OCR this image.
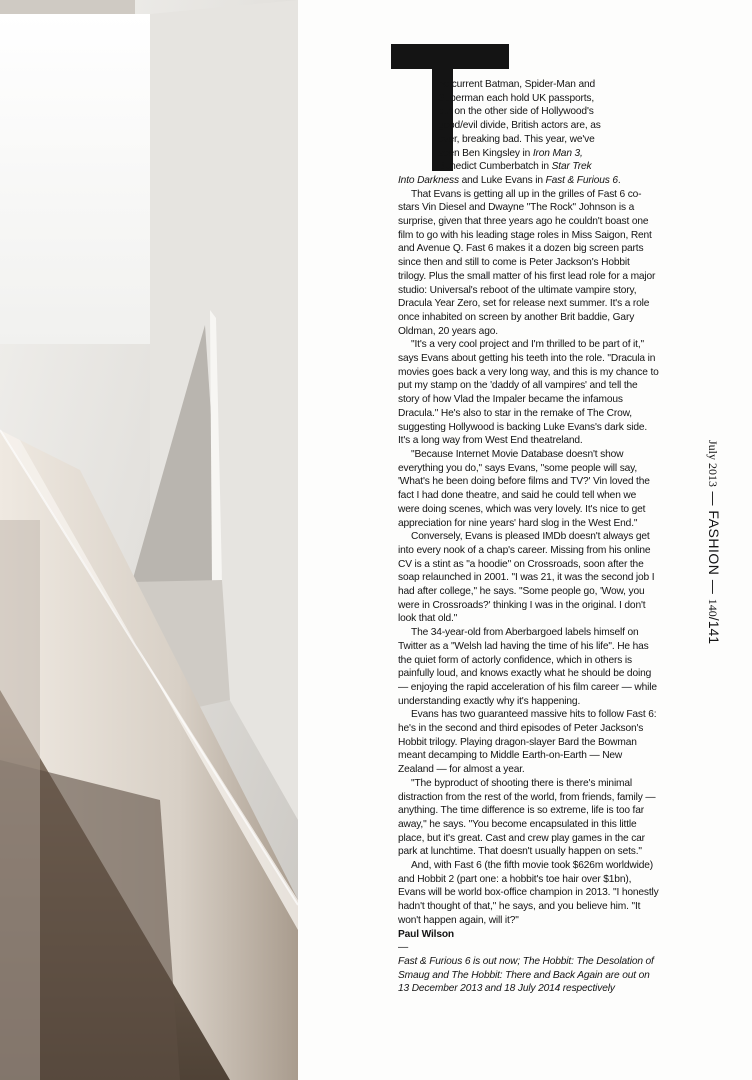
he current Batman, Spider-Man and
Superman each hold UK passports,
but on the other side of Hollywood's
good/evil divide, British actors are, as
ever, breaking bad. This year, we've
seen Ben Kingsley in Iron Man 3,
Benedict Cumberbatch in Star Trek
Into Darkness and Luke Evans in Fast & Furious 6.

That Evans is getting all up in the grilles of Fast 6 co-stars Vin Diesel and Dwayne "The Rock" Johnson is a surprise, given that three years ago he couldn't boast one film to go with his leading stage roles in Miss Saigon, Rent and Avenue Q. Fast 6 makes it a dozen big screen parts since then and still to come is Peter Jackson's Hobbit trilogy. Plus the small matter of his first lead role for a major studio: Universal's reboot of the ultimate vampire story, Dracula Year Zero, set for release next summer. It's a role once inhabited on screen by another Brit baddie, Gary Oldman, 20 years ago.

"It's a very cool project and I'm thrilled to be part of it," says Evans about getting his teeth into the role. "Dracula in movies goes back a very long way, and this is my chance to put my stamp on the 'daddy of all vampires' and tell the story of how Vlad the Impaler became the infamous Dracula." He's also to star in the remake of The Crow, suggesting Hollywood is backing Luke Evans's dark side. It's a long way from West End theatreland.

"Because Internet Movie Database doesn't show everything you do," says Evans, "some people will say, 'What's he been doing before films and TV?' Vin loved the fact I had done theatre, and said he could tell when we were doing scenes, which was very lovely. It's nice to get appreciation for nine years' hard slog in the West End."

Conversely, Evans is pleased IMDb doesn't always get into every nook of a chap's career. Missing from his online CV is a stint as "a hoodie" on Crossroads, soon after the soap relaunched in 2001. "I was 21, it was the second job I had after college," he says. "Some people go, 'Wow, you were in Crossroads?' thinking I was in the original. I don't look that old."

The 34-year-old from Aberbargoed labels himself on Twitter as a "Welsh lad having the time of his life". He has the quiet form of actorly confidence, which in others is painfully loud, and knows exactly what he should be doing — enjoying the rapid acceleration of his film career — while understanding exactly why it's happening.

Evans has two guaranteed massive hits to follow Fast 6: he's in the second and third episodes of Peter Jackson's Hobbit trilogy. Playing dragon-slayer Bard the Bowman meant decamping to Middle Earth-on-Earth — New Zealand — for almost a year.

"The byproduct of shooting there is there's minimal distraction from the rest of the world, from friends, family — anything. The time difference is so extreme, life is too far away," he says. "You become encapsulated in this little place, but it's great. Cast and crew play games in the car park at lunchtime. That doesn't usually happen on sets."

And, with Fast 6 (the fifth movie took $626m worldwide) and Hobbit 2 (part one: a hobbit's toe hair over $1bn), Evans will be world box-office champion in 2013. "I honestly hadn't thought of that," he says, and you believe him. "It won't happen again, will it?"

Paul Wilson

—

Fast & Furious 6 is out now; The Hobbit: The Desolation of Smaug and The Hobbit: There and Back Again are out on 13 December 2013 and 18 July 2014 respectively

July 2013 — FASHION — 140/141
